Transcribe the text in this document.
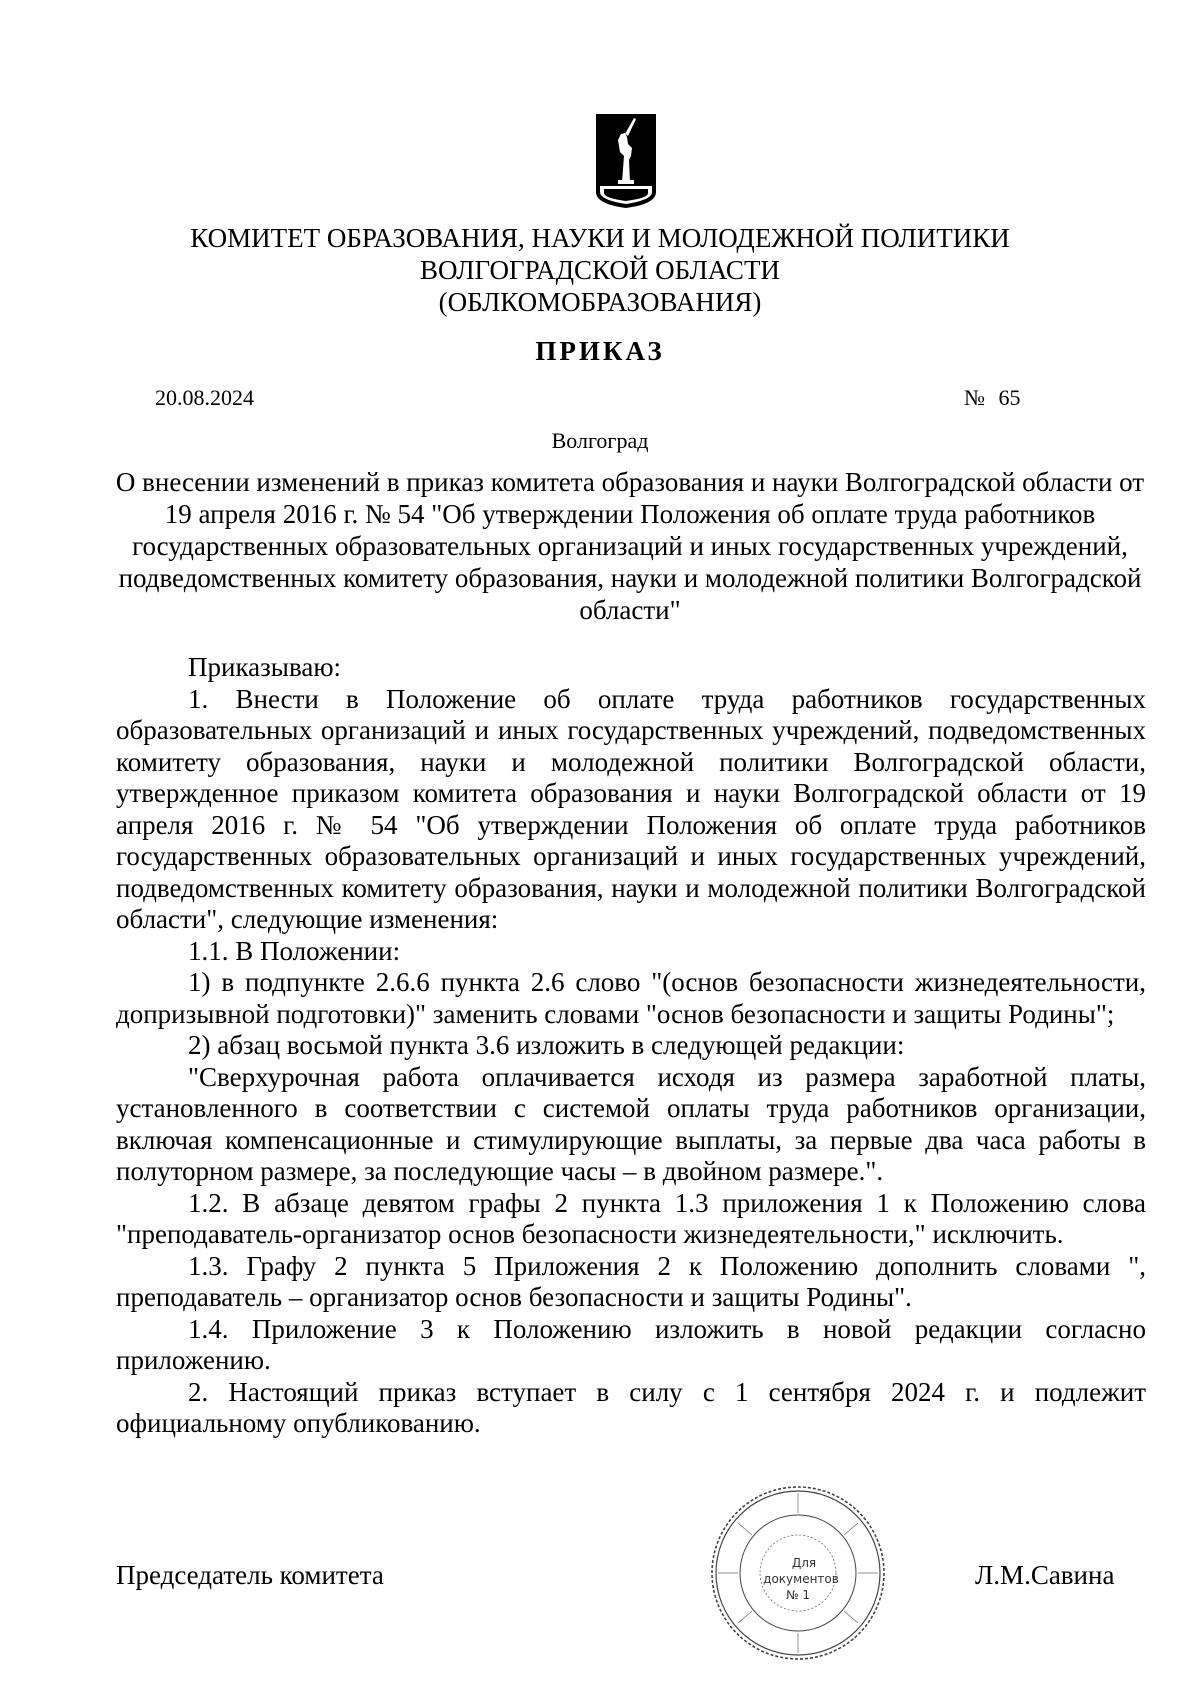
КОМИТЕТ ОБРАЗОВАНИЯ, НАУКИ И МОЛОДЕЖНОЙ ПОЛИТИКИ
ВОЛГОГРАДСКОЙ ОБЛАСТИ
(ОБЛКОМОБРАЗОВАНИЯ)
ПРИКАЗ
20.08.2024	№ 65
Волгоград
О внесении изменений в приказ комитета образования и науки Волгоградской области от 19 апреля 2016 г. № 54 "Об утверждении Положения об оплате труда работников государственных образовательных организаций и иных государственных учреждений, подведомственных комитету образования, науки и молодежной политики Волгоградской области"

Приказываю:

1. Внести в Положение об оплате труда работников государственных образовательных организаций и иных государственных учреждений, подведомственных комитету образования, науки и молодежной политики Волгоградской области, утвержденное приказом комитета образования и науки Волгоградской области от 19 апреля 2016 г. № 54 "Об утверждении Положения об оплате труда работников государственных образовательных организаций и иных государственных учреждений, подведомственных комитету образования, науки и молодежной политики Волгоградской области", следующие изменения:

1.1. В Положении:

1) в подпункте 2.6.6 пункта 2.6 слово "(основ безопасности жизнедеятельности, допризывной подготовки)" заменить словами "основ безопасности и защиты Родины";

2) абзац восьмой пункта 3.6 изложить в следующей редакции:

"Сверхурочная работа оплачивается исходя из размера заработной платы, установленного в соответствии с системой оплаты труда работников организации, включая компенсационные и стимулирующие выплаты, за первые два часа работы в полуторном размере, за последующие часы – в двойном размере.".

1.2. В абзаце девятом графы 2 пункта 1.3 приложения 1 к Положению слова "преподаватель-организатор основ безопасности жизнедеятельности," исключить.

1.3. Графу 2 пункта 5 Приложения 2 к Положению дополнить словами ", преподаватель – организатор основ безопасности и защиты Родины".

1.4. Приложение 3 к Положению изложить в новой редакции согласно приложению.

2. Настоящий приказ вступает в силу с 1 сентября 2024 г. и подлежит официальному опубликованию.

Председатель комитета	Л.М.Савина
Для
документов
№ 1
